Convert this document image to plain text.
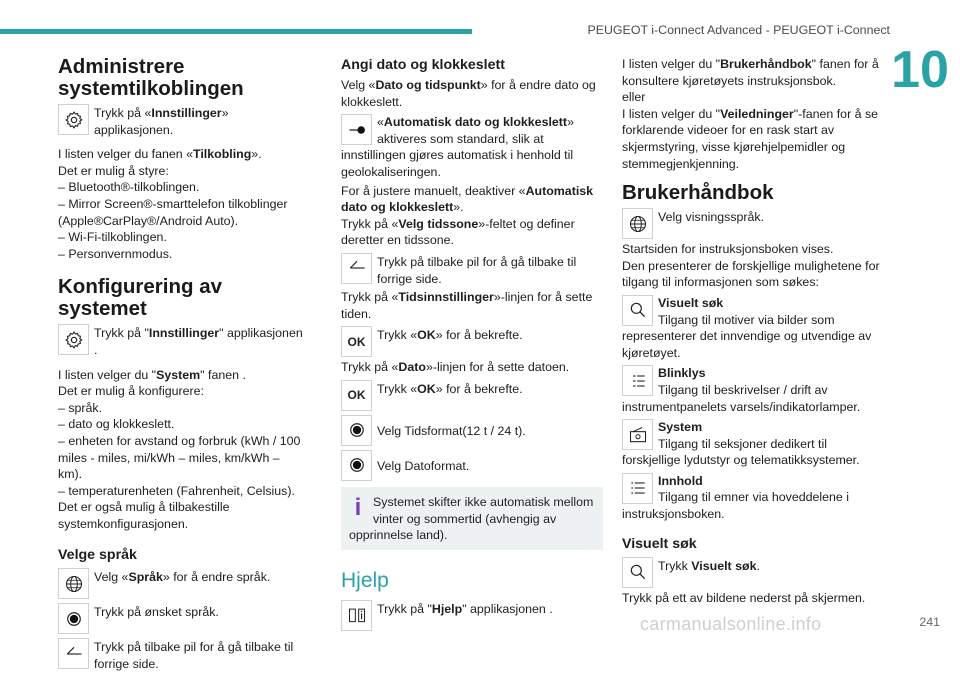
PEUGEOT i-Connect Advanced - PEUGEOT i-Connect
10
Administrere
systemtilkoblingen
Trykk på «Innstillinger» applikasjonen.

I listen velger du fanen «Tilkobling».

Det er mulig å styre:

– Bluetooth®-tilkoblingen.

– Mirror Screen®-smarttelefon tilkoblinger (Apple®CarPlay®/Android Auto).

– Wi-Fi-tilkoblingen.

– Personvernmodus.

Konfigurering av systemet
Trykk på "Innstillinger" applikasjonen .

I listen velger du "System" fanen .

Det er mulig å konfigurere:

– språk.

– dato og klokkeslett.

– enheten for avstand og forbruk (kWh / 100 miles - miles, mi/kWh – miles, km/kWh – km).

– temperaturenheten (Fahrenheit, Celsius).

Det er også mulig å tilbakestille systemkonfigurasjonen.

Velge språk
Velg «Språk» for å endre språk.
Trykk på ønsket språk.
Trykk på tilbake pil for å gå tilbake til forrige side.
Angi dato og klokkeslett

Velg «Dato og tidspunkt» for å endre dato og klokkeslett.

«Automatisk dato og klokkeslett» aktiveres som standard, slik at innstillingen gjøres automatisk i henhold til geolokaliseringen.

For å justere manuelt, deaktiver «Automatisk dato og klokkeslett».

Trykk på «Velg tidssone»-feltet og definer deretter en tidssone.

Trykk på tilbake pil for å gå tilbake til forrige side.

Trykk på «Tidsinnstillinger»-linjen for å sette tiden.

OK Trykk «OK» for å bekrefte.

Trykk på «Dato»-linjen for å sette datoen.

OK Trykk «OK» for å bekrefte.
Velg Tidsformat(12 t / 24 t).
Velg Datoformat.
i Systemet skifter ikke automatisk mellom vinter og sommertid (avhengig av opprinnelse land).
Hjelp
Trykk på "Hjelp" applikasjonen .

I listen velger du "Brukerhåndbok" fanen for å konsultere kjøretøyets instruksjonsbok.

eller

I listen velger du "Veiledninger"-fanen for å se forklarende videoer for en rask start av skjermstyring, visse kjørehjelpemidler og stemmegjenkjenning.

Brukerhåndbok
Velg visningsspråk.

Startsiden for instruksjonsboken vises.

Den presenterer de forskjellige mulighetene for tilgang til informasjonen som søkes:

Visuelt søk
Tilgang til motiver via bilder som representerer det innvendige og utvendige av kjøretøyet.
Blinklys
Tilgang til beskrivelser / drift av instrumentpanelets varsels/indikatorlamper.
System
Tilgang til seksjoner dedikert til forskjellige lydutstyr og telematikksystemer.
Innhold
Tilgang til emner via hoveddelene i instruksjonsboken.
Visuelt søk
Trykk Visuelt søk.

Trykk på ett av bildene nederst på skjermen.

carmanualsonline.info	241
